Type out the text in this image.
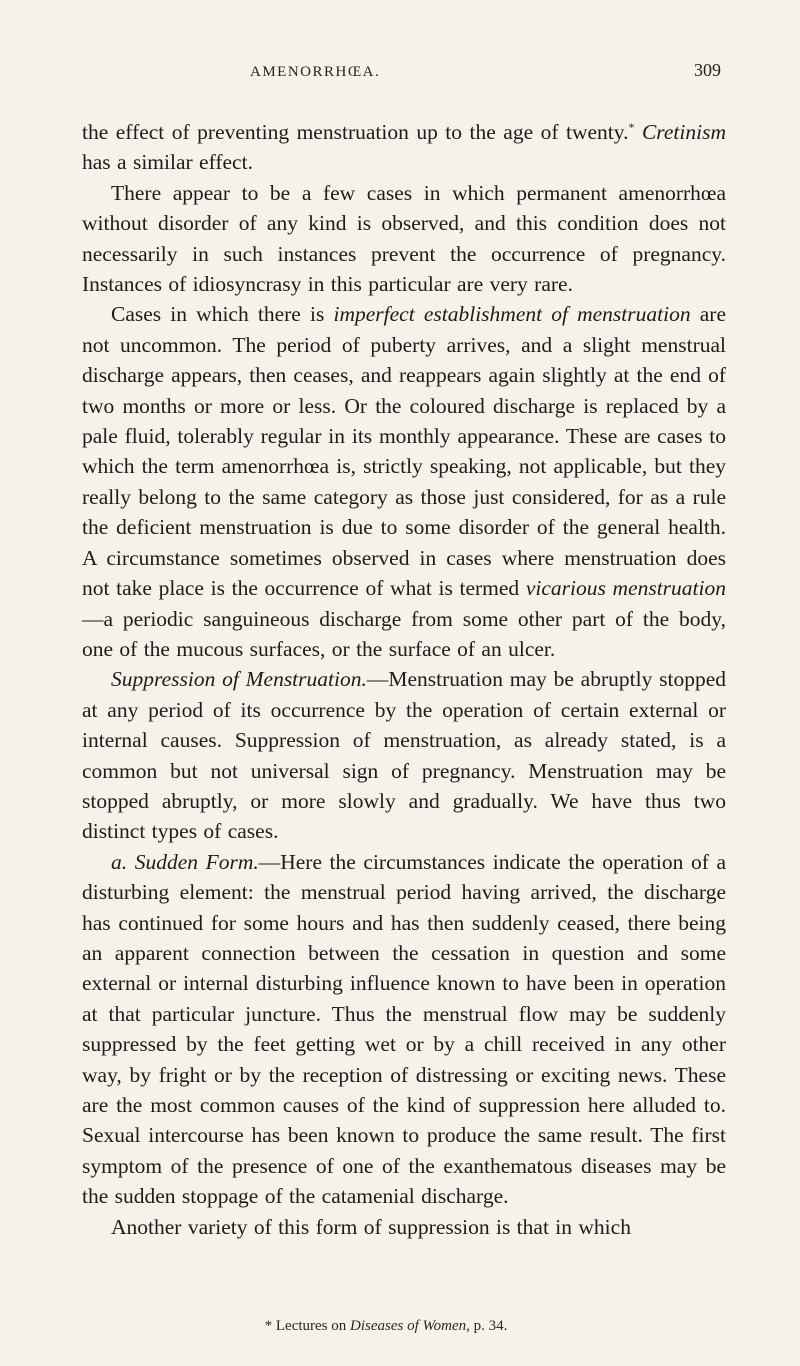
AMENORRHŒA.	309

the effect of preventing menstruation up to the age of twenty.* Cretinism has a similar effect.

There appear to be a few cases in which permanent amenorrhœa without disorder of any kind is observed, and this condition does not necessarily in such instances prevent the occurrence of pregnancy. Instances of idiosyncrasy in this particular are very rare.

Cases in which there is imperfect establishment of menstruation are not uncommon. The period of puberty arrives, and a slight menstrual discharge appears, then ceases, and reappears again slightly at the end of two months or more or less. Or the coloured discharge is replaced by a pale fluid, tolerably regular in its monthly appearance. These are cases to which the term amenorrhœa is, strictly speaking, not applicable, but they really belong to the same category as those just considered, for as a rule the deficient menstruation is due to some disorder of the general health. A circumstance sometimes observed in cases where menstruation does not take place is the occurrence of what is termed vicarious menstruation—a periodic sanguineous discharge from some other part of the body, one of the mucous surfaces, or the surface of an ulcer.

Suppression of Menstruation.—Menstruation may be abruptly stopped at any period of its occurrence by the operation of certain external or internal causes. Suppression of menstruation, as already stated, is a common but not universal sign of pregnancy. Menstruation may be stopped abruptly, or more slowly and gradually. We have thus two distinct types of cases.

a. Sudden Form.—Here the circumstances indicate the operation of a disturbing element: the menstrual period having arrived, the discharge has continued for some hours and has then suddenly ceased, there being an apparent connection between the cessation in question and some external or internal disturbing influence known to have been in operation at that particular juncture. Thus the menstrual flow may be suddenly suppressed by the feet getting wet or by a chill received in any other way, by fright or by the reception of distressing or exciting news. These are the most common causes of the kind of suppression here alluded to. Sexual intercourse has been known to produce the same result. The first symptom of the presence of one of the exanthematous diseases may be the sudden stoppage of the catamenial discharge.

Another variety of this form of suppression is that in which

* Lectures on Diseases of Women, p. 34.
